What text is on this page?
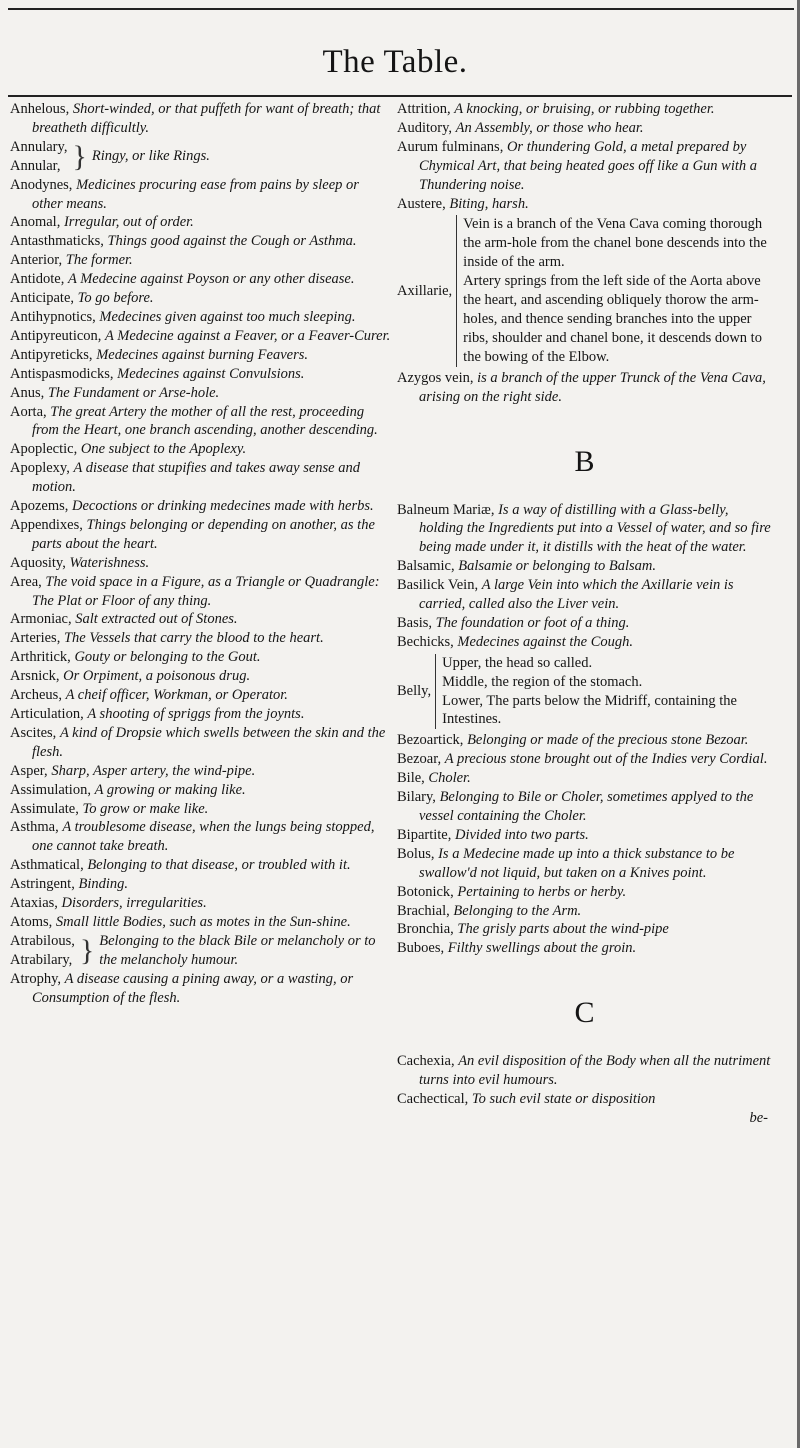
The Table.
Anhelous, Short-winded, or that puffeth for want of breath; that breatheth difficultly.
Annulary,
Annular, } Ringy, or like Rings.
Anodynes, Medicines procuring ease from pains by sleep or other means.
Anomal, Irregular, out of order.
Antasthmaticks, Things good against the Cough or Asthma.
Anterior, The former.
Antidote, A Medecine against Poyson or any other disease.
Anticipate, To go before.
Antihypnotics, Medecines given against too much sleeping.
Antipyreuticon, A Medecine against a Feaver, or a Feaver-Curer.
Antipyreticks, Medecines against burning Feavers.
Antispasmodicks, Medecines against Convulsions.
Anus, The Fundament or Arse-hole.
Aorta, The great Artery the mother of all the rest, proceeding from the Heart, one branch ascending, another descending.
Apoplectic, One subject to the Apoplexy.
Apoplexy, A disease that stupifies and takes away sense and motion.
Apozems, Decoctions or drinking medecines made with herbs.
Appendixes, Things belonging or depending on another, as the parts about the heart.
Aquosity, Waterishness.
Area, The void space in a Figure, as a Triangle or Quadrangle: The Plat or Floor of any thing.
Armoniac, Salt extracted out of Stones.
Arteries, The Vessels that carry the blood to the heart.
Arthritick, Gouty or belonging to the Gout.
Arsnick, Or Orpiment, a poisonous drug.
Archeus, A cheif officer, Workman, or Operator.
Articulation, A shooting of spriggs from the joynts.
Ascites, A kind of Dropsie which swells between the skin and the flesh.
Asper, Sharp, Asper artery, the wind-pipe.
Assimulation, A growing or making like.
Assimulate, To grow or make like.
Asthma, A troublesome disease, when the lungs being stopped, one cannot take breath.
Asthmatical, Belonging to that disease, or troubled with it.
Astringent, Binding.
Ataxias, Disorders, irregularities.
Atoms, Small little Bodies, such as motes in the Sun-shine.
Atrabilous,
Atrabilary, } Belonging to the black Bile or melancholy or to the melancholy humour.
Atrophy, A disease causing a pining away, or a wasting, or Consumption of the flesh.
Attrition, A knocking, or bruising, or rubbing together.
Auditory, An Assembly, or those who hear.
Aurum fulminans, Or thundering Gold, a metal prepared by Chymical Art, that being heated goes off like a Gun with a Thundering noise.
Austere, Biting, harsh.
Axillarie,
Vein is a branch of the Vena Cava coming thorough the arm-hole from the chanel bone descends into the inside of the arm.
Artery springs from the left side of the Aorta above the heart, and ascending obliquely thorow the arm-holes, and thence sending branches into the upper ribs, shoulder and chanel bone, it descends down to the bowing of the Elbow.
Azygos vein, is a branch of the upper Trunck of the Vena Cava, arising on the right side.
B
Balneum Mariæ, Is a way of distilling with a Glass-belly, holding the Ingredients put into a Vessel of water, and so fire being made under it, it distills with the heat of the water.
Balsamic, Balsamie or belonging to Balsam.
Basilick Vein, A large Vein into which the Axillarie vein is carried, called also the Liver vein.
Basis, The foundation or foot of a thing.
Bechicks, Medecines against the Cough.
Belly,
Upper, the head so called.
Middle, the region of the stomach.
Lower, The parts below the Midriff, containing the Intestines.
Bezoartick, Belonging or made of the precious stone Bezoar.
Bezoar, A precious stone brought out of the Indies very Cordial.
Bile, Choler.
Bilary, Belonging to Bile or Choler, sometimes applyed to the vessel containing the Choler.
Bipartite, Divided into two parts.
Bolus, Is a Medecine made up into a thick substance to be swallow'd not liquid, but taken on a Knives point.
Botonick, Pertaining to herbs or herby.
Brachial, Belonging to the Arm.
Bronchia, The grisly parts about the wind-pipe
Buboes, Filthy swellings about the groin.
C
Cachexia, An evil disposition of the Body when all the nutriment turns into evil humours.
Cachectical, To such evil state or disposition
be-
